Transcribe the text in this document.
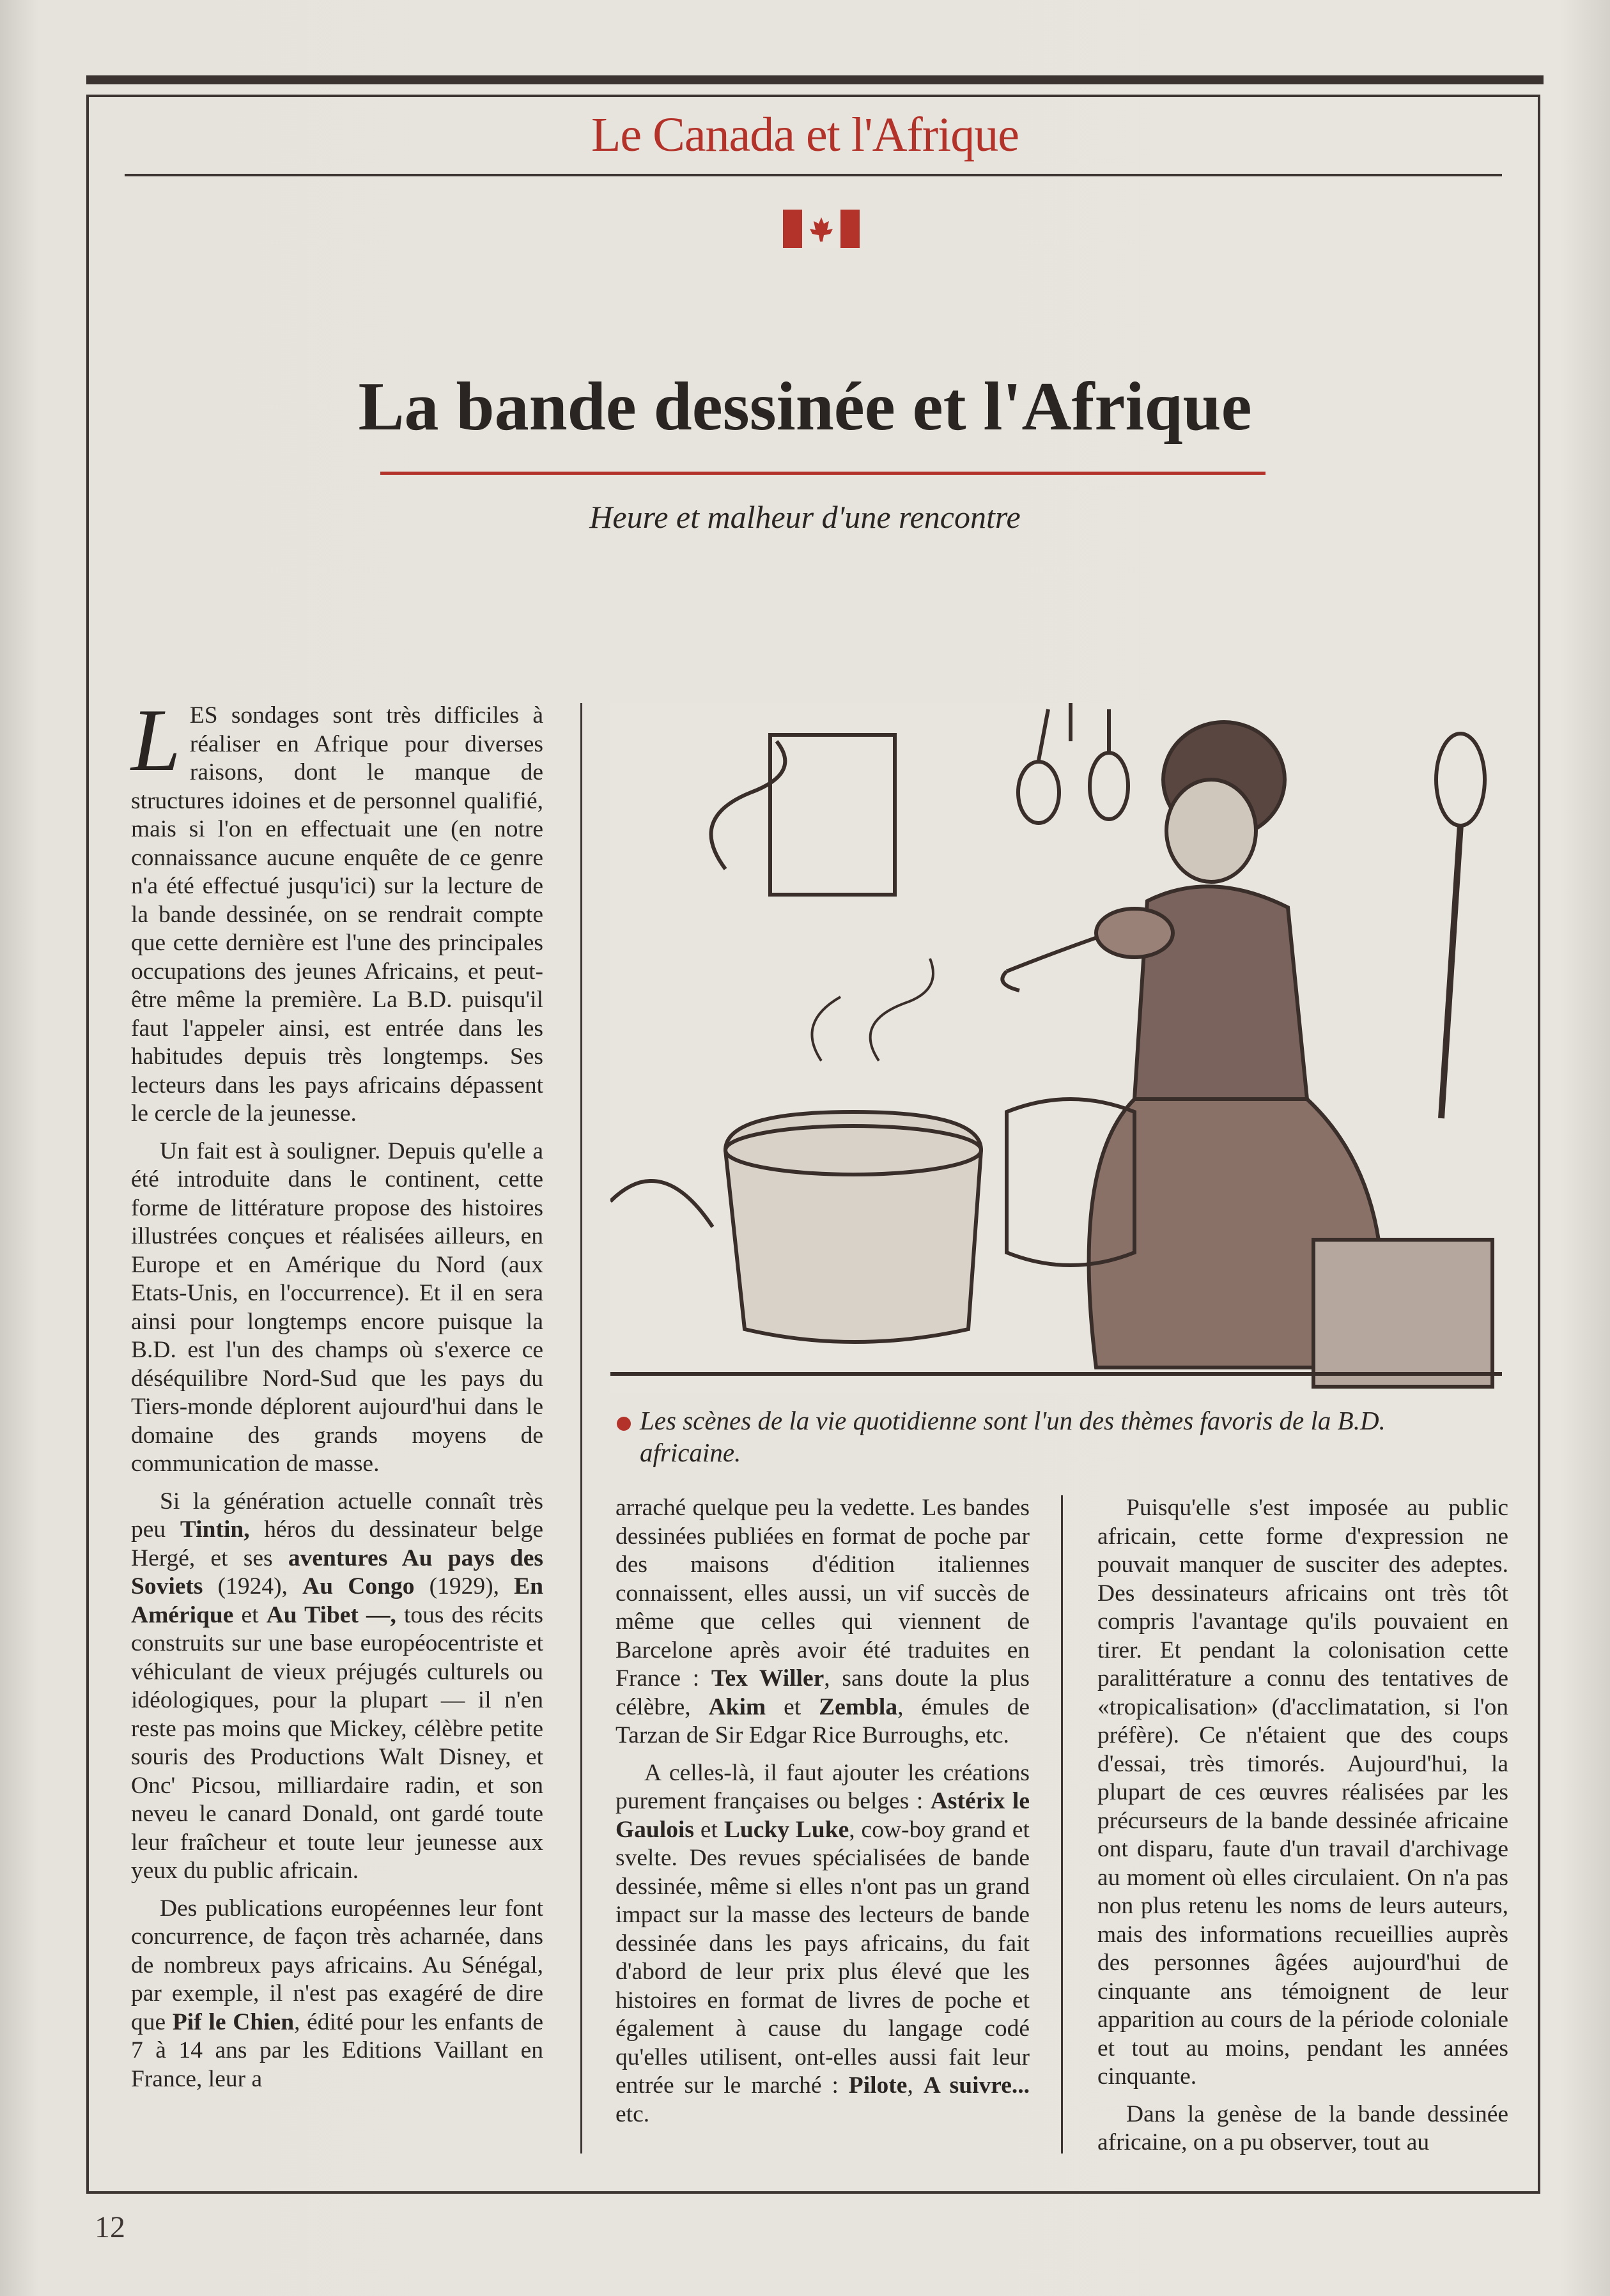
Le Canada et l'Afrique
La bande dessinée et l'Afrique
Heure et malheur d'une rencontre

LES sondages sont très difficiles à réaliser en Afrique pour diverses raisons, dont le manque de structures idoines et de personnel qualifié, mais si l'on en effectuait une (en notre connaissance aucune enquête de ce genre n'a été effectué jusqu'ici) sur la lecture de la bande dessinée, on se rendrait compte que cette dernière est l'une des principales occupations des jeunes Africains, et peut-être même la première. La B.D. puisqu'il faut l'appeler ainsi, est entrée dans les habitudes depuis très longtemps. Ses lecteurs dans les pays africains dépassent le cercle de la jeunesse.

Un fait est à souligner. Depuis qu'elle a été introduite dans le continent, cette forme de littérature propose des histoires illustrées conçues et réalisées ailleurs, en Europe et en Amérique du Nord (aux Etats-Unis, en l'occurrence). Et il en sera ainsi pour longtemps encore puisque la B.D. est l'un des champs où s'exerce ce déséquilibre Nord-Sud que les pays du Tiers-monde déplorent aujourd'hui dans le domaine des grands moyens de communication de masse.

Si la génération actuelle connaît très peu Tintin, héros du dessinateur belge Hergé, et ses aventures Au pays des Soviets (1924), Au Congo (1929), En Amérique et Au Tibet —, tous des récits construits sur une base européocentriste et véhiculant de vieux préjugés culturels ou idéologiques, pour la plupart — il n'en reste pas moins que Mickey, célèbre petite souris des Productions Walt Disney, et Onc' Picsou, milliardaire radin, et son neveu le canard Donald, ont gardé toute leur fraîcheur et toute leur jeunesse aux yeux du public africain.

Des publications européennes leur font concurrence, de façon très acharnée, dans de nombreux pays africains. Au Sénégal, par exemple, il n'est pas exagéré de dire que Pif le Chien, édité pour les enfants de 7 à 14 ans par les Editions Vaillant en France, leur a

Les scènes de la vie quotidienne sont l'un des thèmes favoris de la B.D.
africaine.

arraché quelque peu la vedette. Les bandes dessinées publiées en format de poche par des maisons d'édition italiennes connaissent, elles aussi, un vif succès de même que celles qui viennent de Barcelone après avoir été traduites en France : Tex Willer, sans doute la plus célèbre, Akim et Zembla, émules de Tarzan de Sir Edgar Rice Burroughs, etc.

A celles-là, il faut ajouter les créations purement françaises ou belges : Astérix le Gaulois et Lucky Luke, cow-boy grand et svelte. Des revues spécialisées de bande dessinée, même si elles n'ont pas un grand impact sur la masse des lecteurs de bande dessinée dans les pays africains, du fait d'abord de leur prix plus élevé que les histoires en format de livres de poche et également à cause du langage codé qu'elles utilisent, ont-elles aussi fait leur entrée sur le marché : Pilote, A suivre... etc.

Puisqu'elle s'est imposée au public africain, cette forme d'expression ne pouvait manquer de susciter des adeptes. Des dessinateurs africains ont très tôt compris l'avantage qu'ils pouvaient en tirer. Et pendant la colonisation cette paralittérature a connu des tentatives de «tropicalisation» (d'acclimatation, si l'on préfère). Ce n'étaient que des coups d'essai, très timorés. Aujourd'hui, la plupart de ces œuvres réalisées par les précurseurs de la bande dessinée africaine ont disparu, faute d'un travail d'archivage au moment où elles circulaient. On n'a pas non plus retenu les noms de leurs auteurs, mais des informations recueillies auprès des personnes âgées aujourd'hui de cinquante ans témoignent de leur apparition au cours de la période coloniale et tout au moins, pendant les années cinquante.

Dans la genèse de la bande dessinée africaine, on a pu observer, tout au

12
